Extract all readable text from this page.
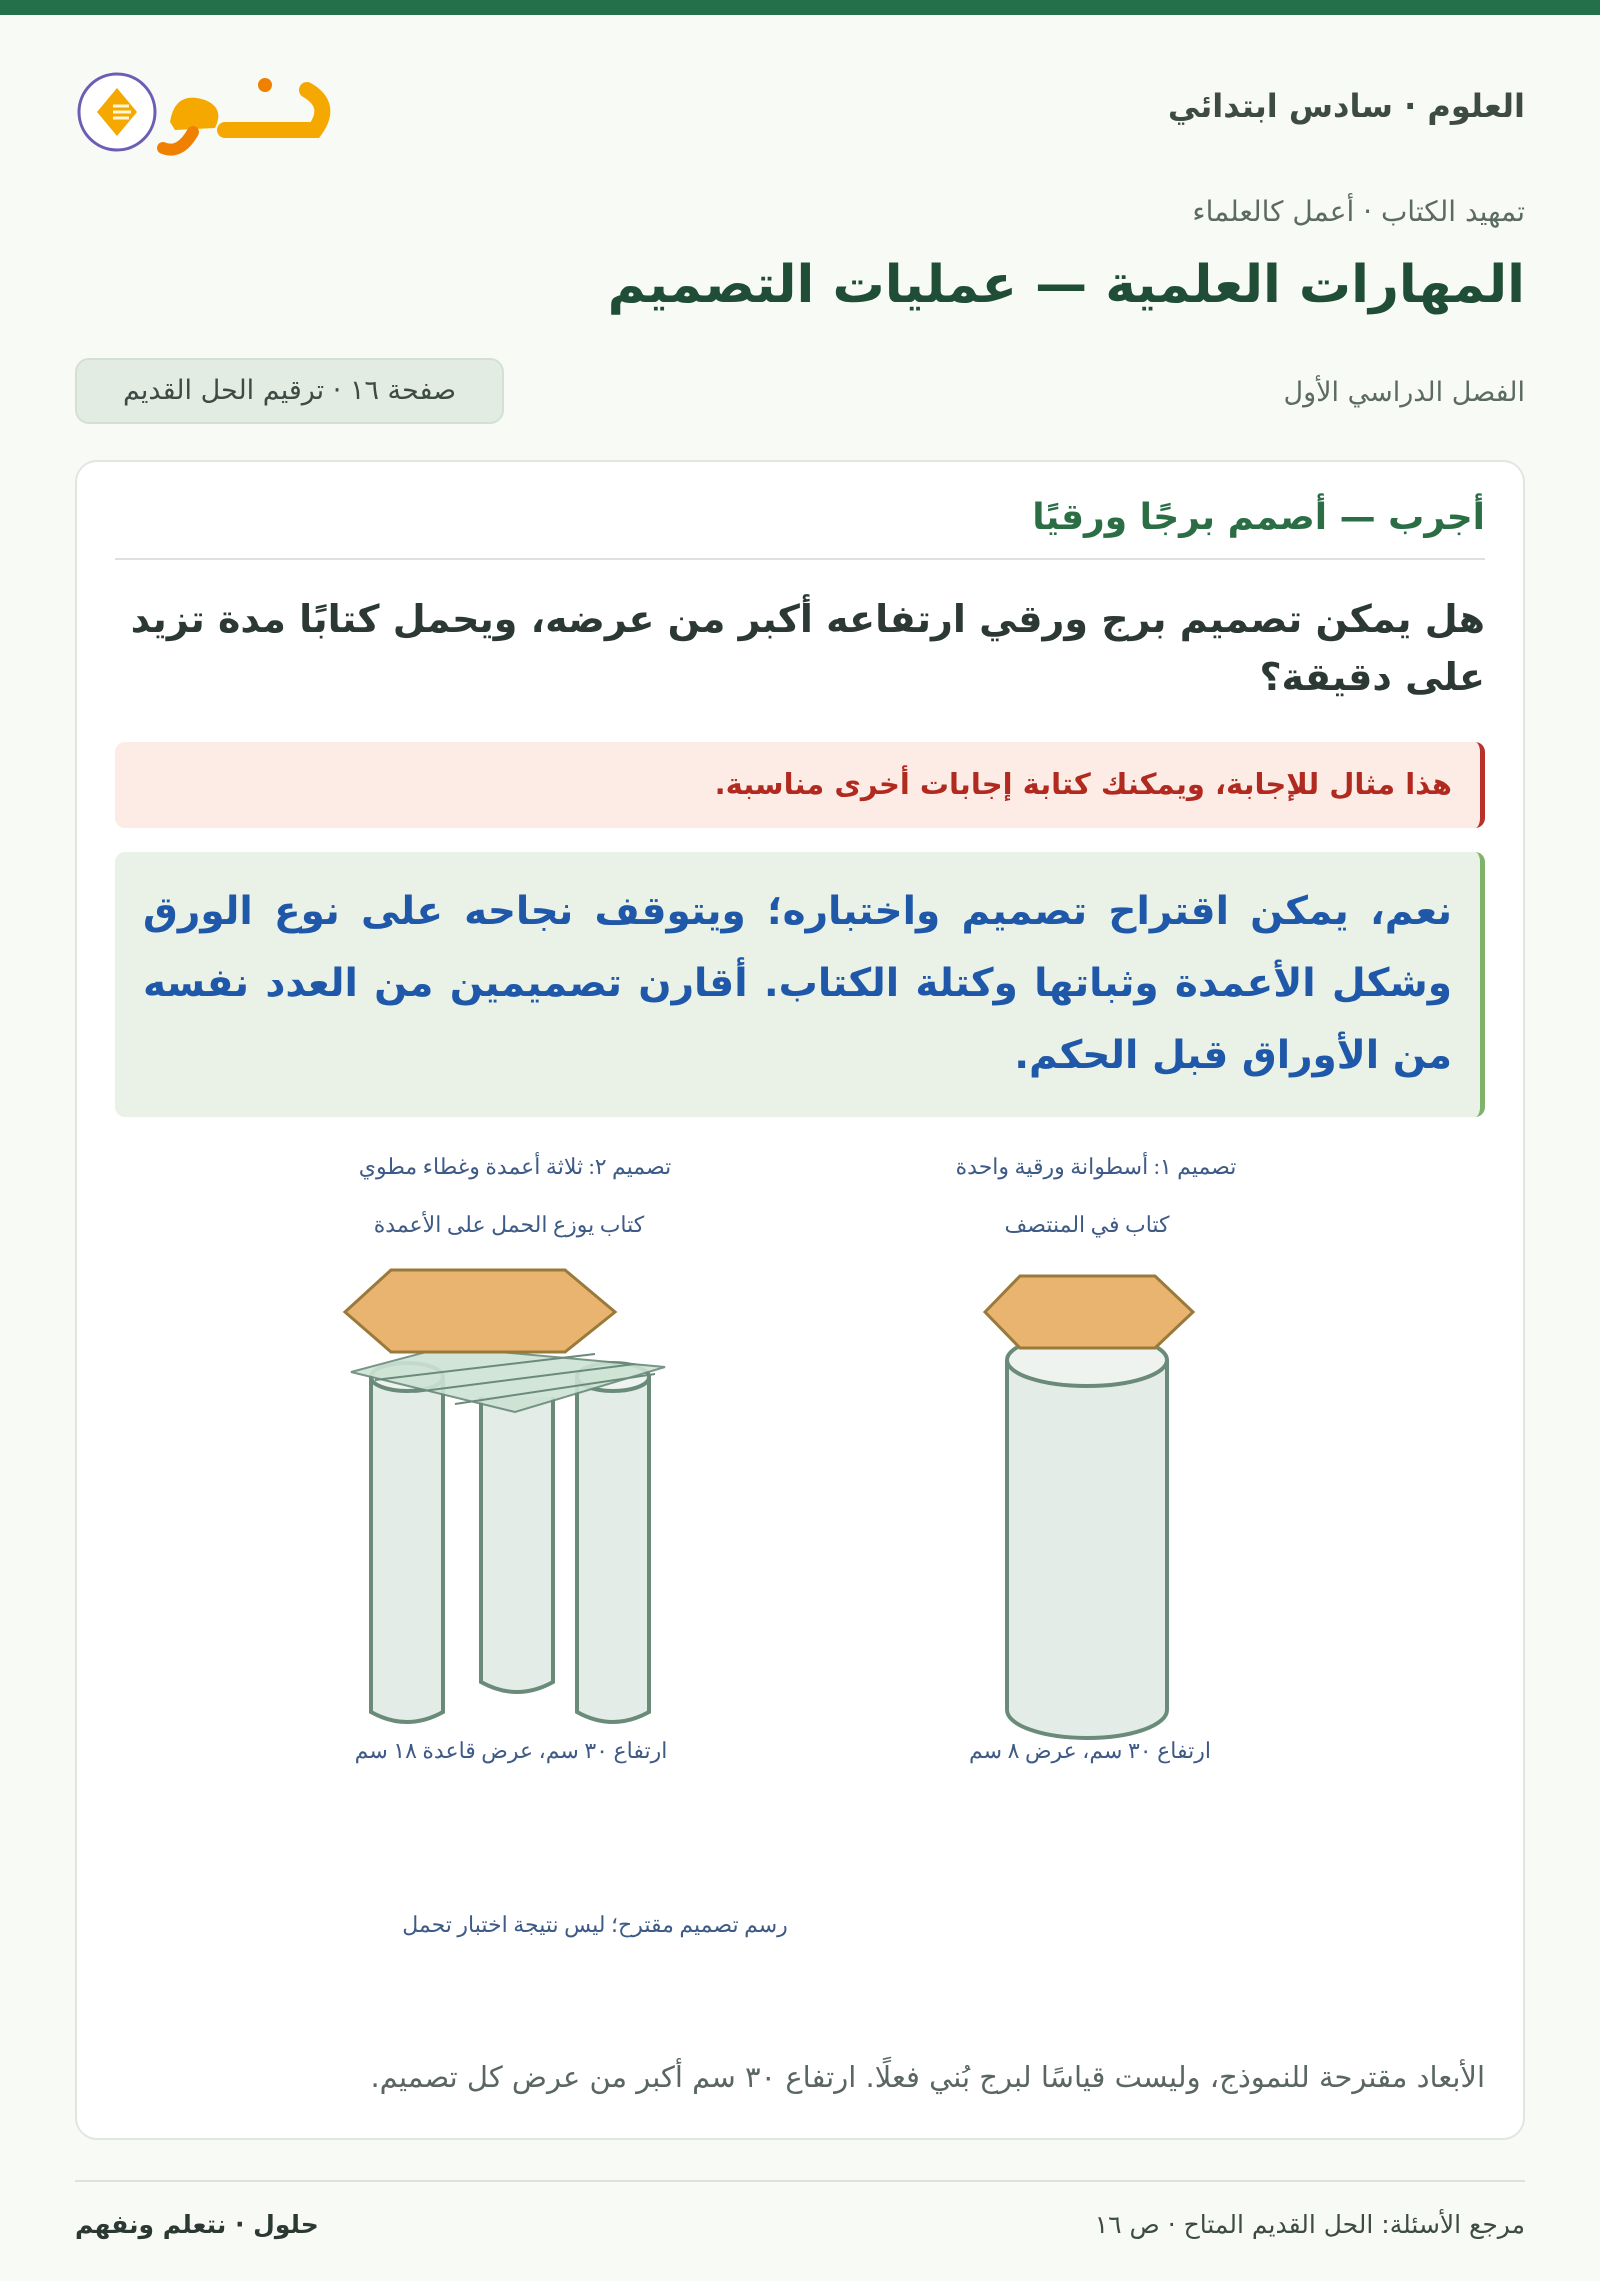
العلوم · سادس ابتدائي
تمهيد الكتاب · أعمل كالعلماء
المهارات العلمية — عمليات التصميم
الفصل الدراسي الأول
صفحة ١٦ · ترقيم الحل القديم
أجرب — أصمم برجًا ورقيًا

هل يمكن تصميم برج ورقي ارتفاعه أكبر من عرضه، ويحمل كتابًا مدة تزيد على دقيقة؟

هذا مثال للإجابة، ويمكنك كتابة إجابات أخرى مناسبة.
نعم، يمكن اقتراح تصميم واختباره؛ ويتوقف نجاحه على نوع الورق وشكل الأعمدة وثباتها وكتلة الكتاب. أقارن تصميمين من العدد نفسه من الأوراق قبل الحكم.
تصميم ١: أسطوانة ورقية واحدة
كتاب في المنتصف
تصميم ٢: ثلاثة أعمدة وغطاء مطوي
كتاب يوزع الحمل على الأعمدة
ارتفاع ٣٠ سم، عرض ٨ سم
ارتفاع ٣٠ سم، عرض قاعدة ١٨ سم
رسم تصميم مقترح؛ ليس نتيجة اختبار تحمل
الأبعاد مقترحة للنموذج، وليست قياسًا لبرج بُني فعلًا. ارتفاع ٣٠ سم أكبر من عرض كل تصميم.
مرجع الأسئلة: الحل القديم المتاح · ص ١٦
حلول · نتعلم ونفهم
